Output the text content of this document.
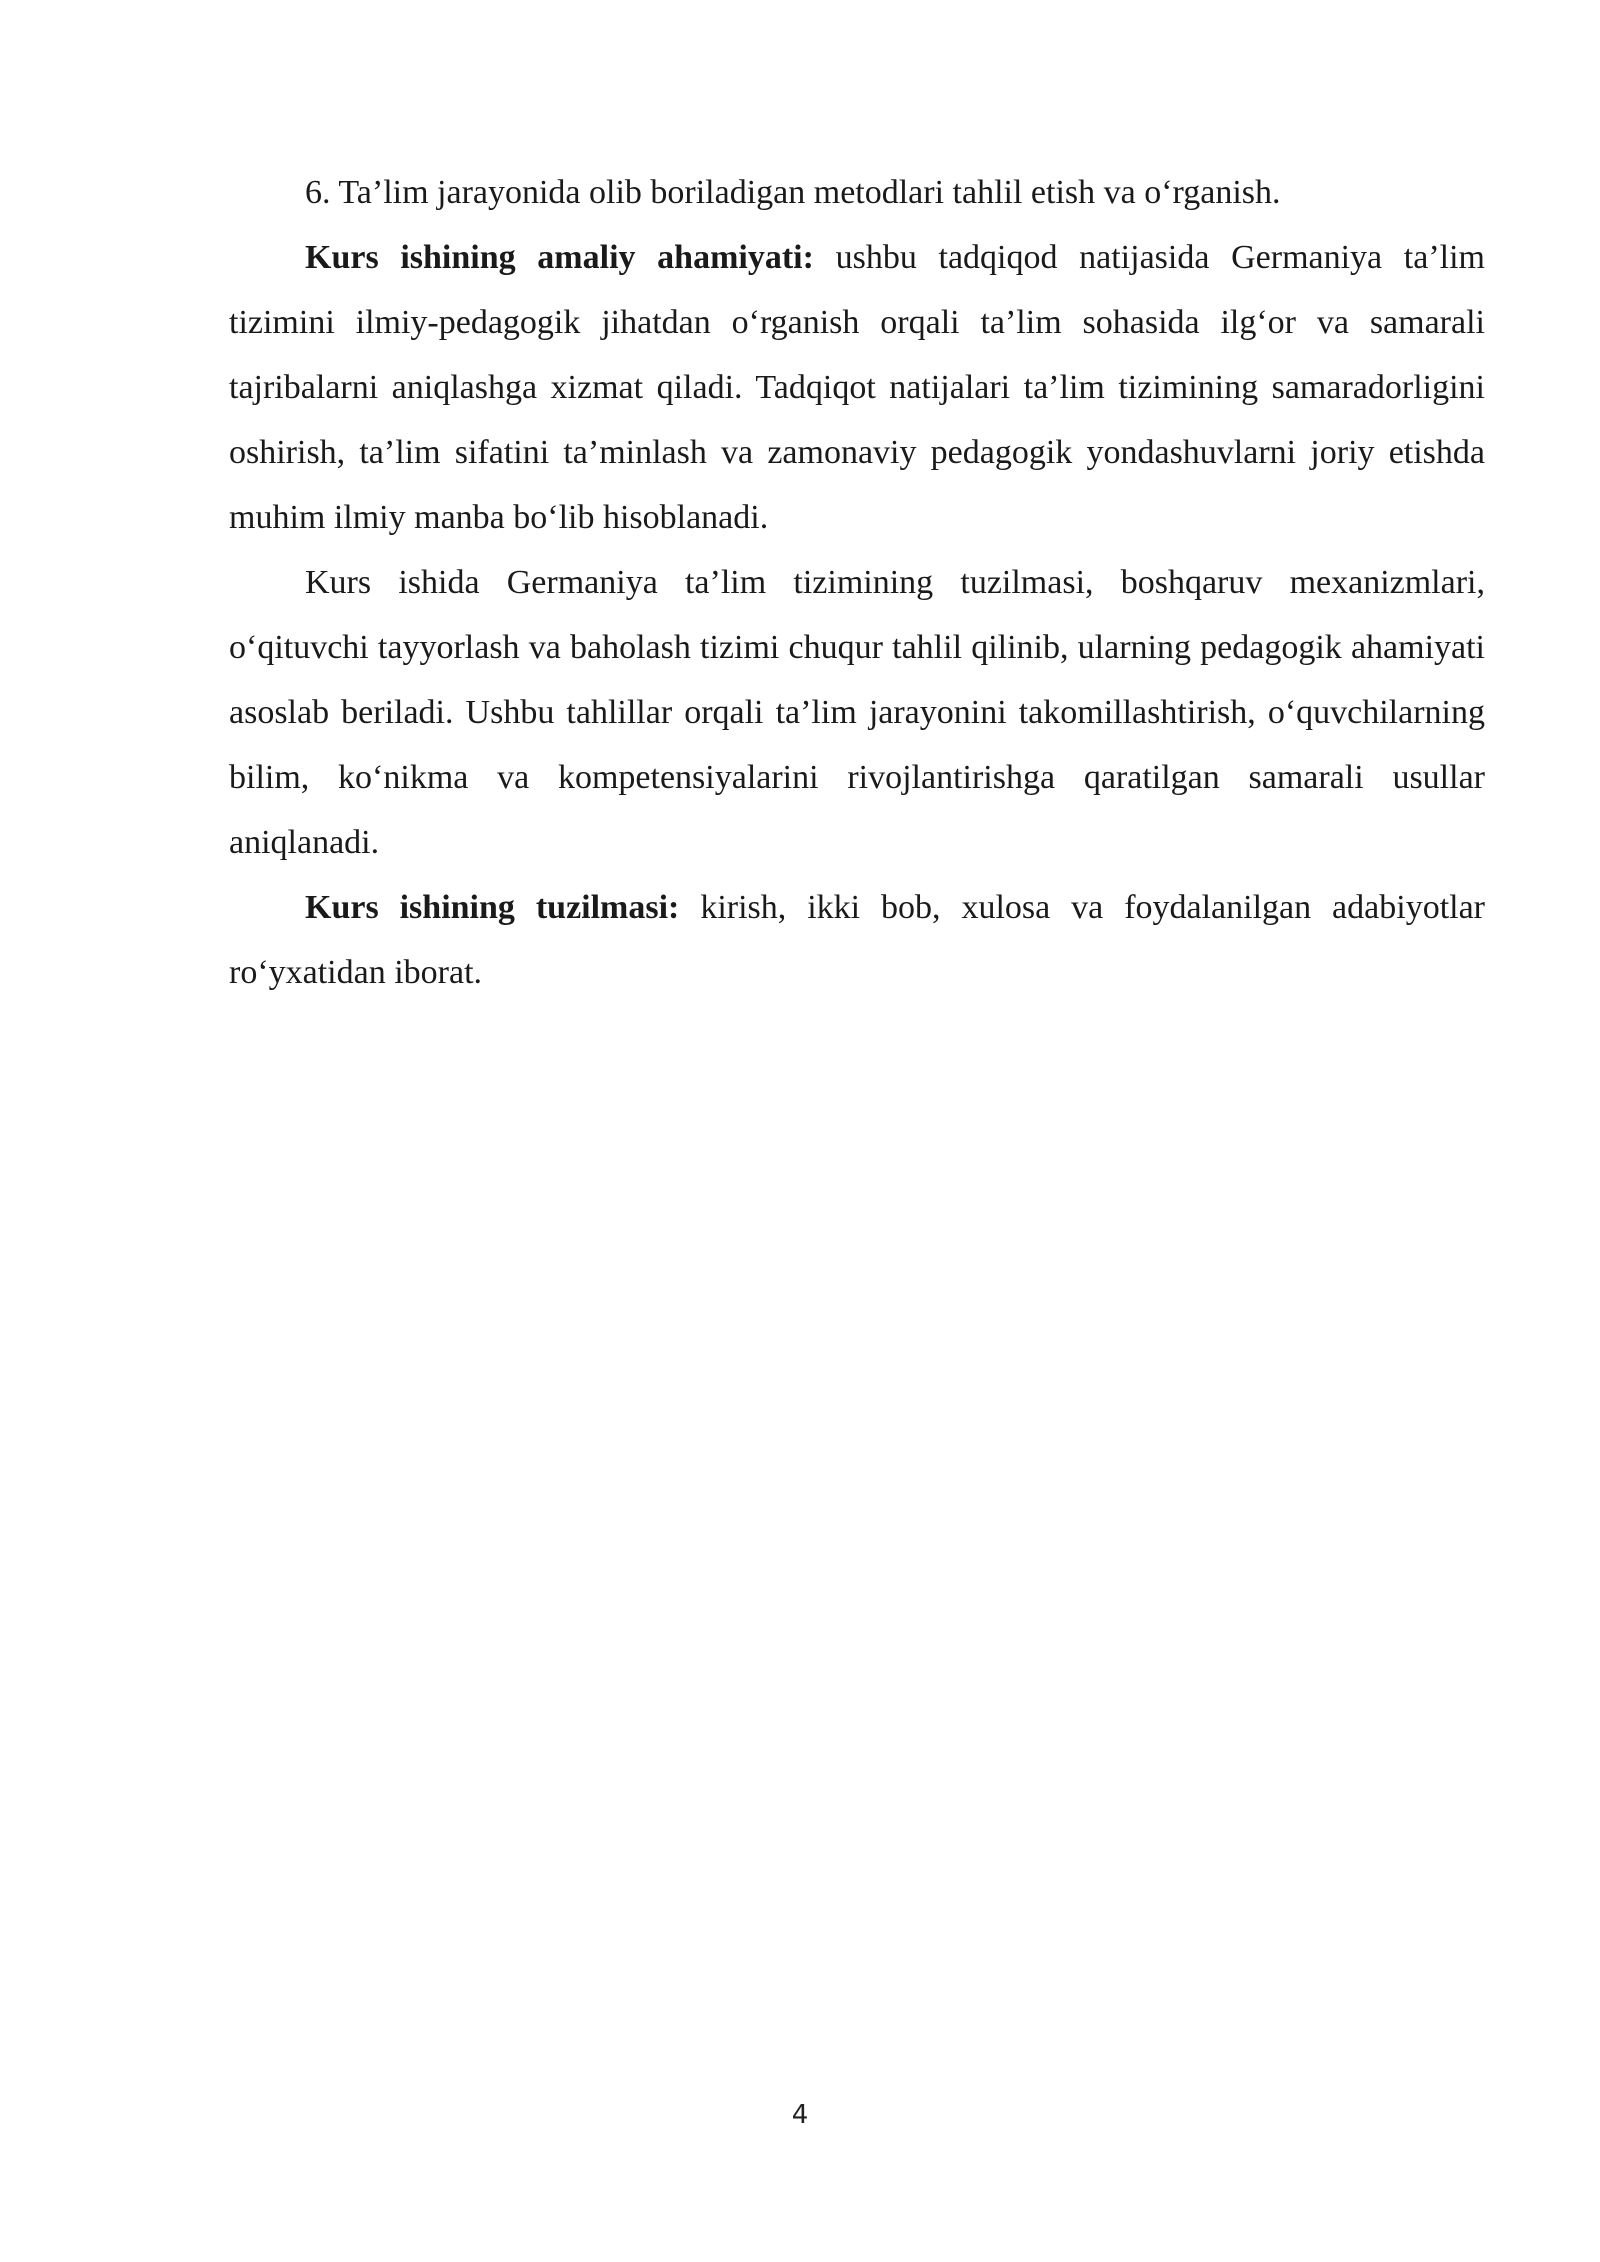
6. Ta’lim jarayonida olib boriladigan metodlari tahlil etish va o‘rganish.

Kurs ishining amaliy ahamiyati: ushbu tadqiqod natijasida Germaniya ta’lim tizimini ilmiy-pedagogik jihatdan o‘rganish orqali ta’lim sohasida ilg‘or va samarali tajribalarni aniqlashga xizmat qiladi. Tadqiqot natijalari ta’lim tizimining samaradorligini oshirish, ta’lim sifatini ta’minlash va zamonaviy pedagogik yondashuvlarni joriy etishda muhim ilmiy manba bo‘lib hisoblanadi.

Kurs ishida Germaniya ta’lim tizimining tuzilmasi, boshqaruv mexanizmlari, o‘qituvchi tayyorlash va baholash tizimi chuqur tahlil qilinib, ularning pedagogik ahamiyati asoslab beriladi. Ushbu tahlillar orqali ta’lim jarayonini takomillashtirish, o‘quvchilarning bilim, ko‘nikma va kompetensiyalarini rivojlantirishga qaratilgan samarali usullar aniqlanadi.

Kurs ishining tuzilmasi: kirish, ikki bob, xulosa va foydalanilgan adabiyotlar ro‘yxatidan iborat.

4
